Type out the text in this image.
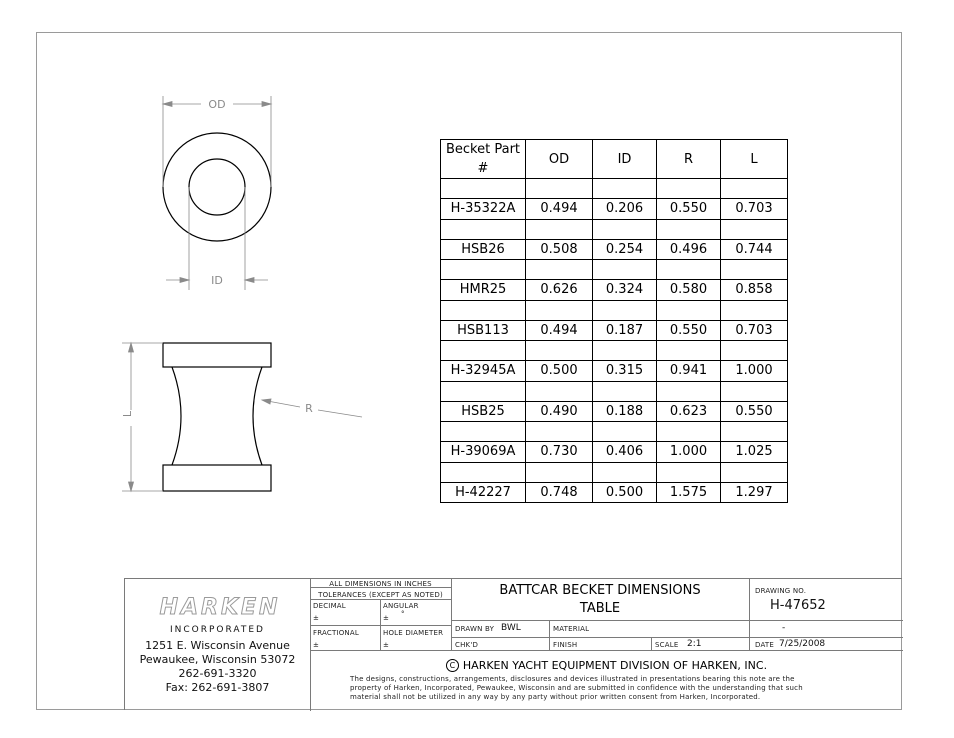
OD
ID
R
L
Becket Part #	OD	ID	R	L

H-35322A	0.494	0.206	0.550	0.703

HSB26	0.508	0.254	0.496	0.744

HMR25	0.626	0.324	0.580	0.858

HSB113	0.494	0.187	0.550	0.703

H-32945A	0.500	0.315	0.941	1.000

HSB25	0.490	0.188	0.623	0.550

H-39069A	0.730	0.406	1.000	1.025

H-42227	0.748	0.500	1.575	1.297
HARKEN
INCORPORATED
1251 E. Wisconsin Avenue
Pewaukee, Wisconsin 53072
262-691-3320
Fax: 262-691-3807
ALL DIMENSIONS IN INCHES
TOLERANCES (EXCEPT AS NOTED)
DECIMAL
±
ANGULAR
± °
FRACTIONAL
±
HOLE DIAMETER
±
BATTCAR BECKET DIMENSIONS
TABLE
DRAWING NO.
H-47652
DRAWN BY BWL	MATERIAL	-
CHK'D	FINISH	SCALE 2:1	DATE 7/25/2008
C HARKEN YACHT EQUIPMENT DIVISION OF HARKEN, INC.
The designs, constructions, arrangements, disclosures and devices illustrated in presentations bearing this note are the
property of Harken, Incorporated, Pewaukee, Wisconsin and are submitted in confidence with the understanding that such
material shall not be utilized in any way by any party without prior written consent from Harken, Incorporated.
